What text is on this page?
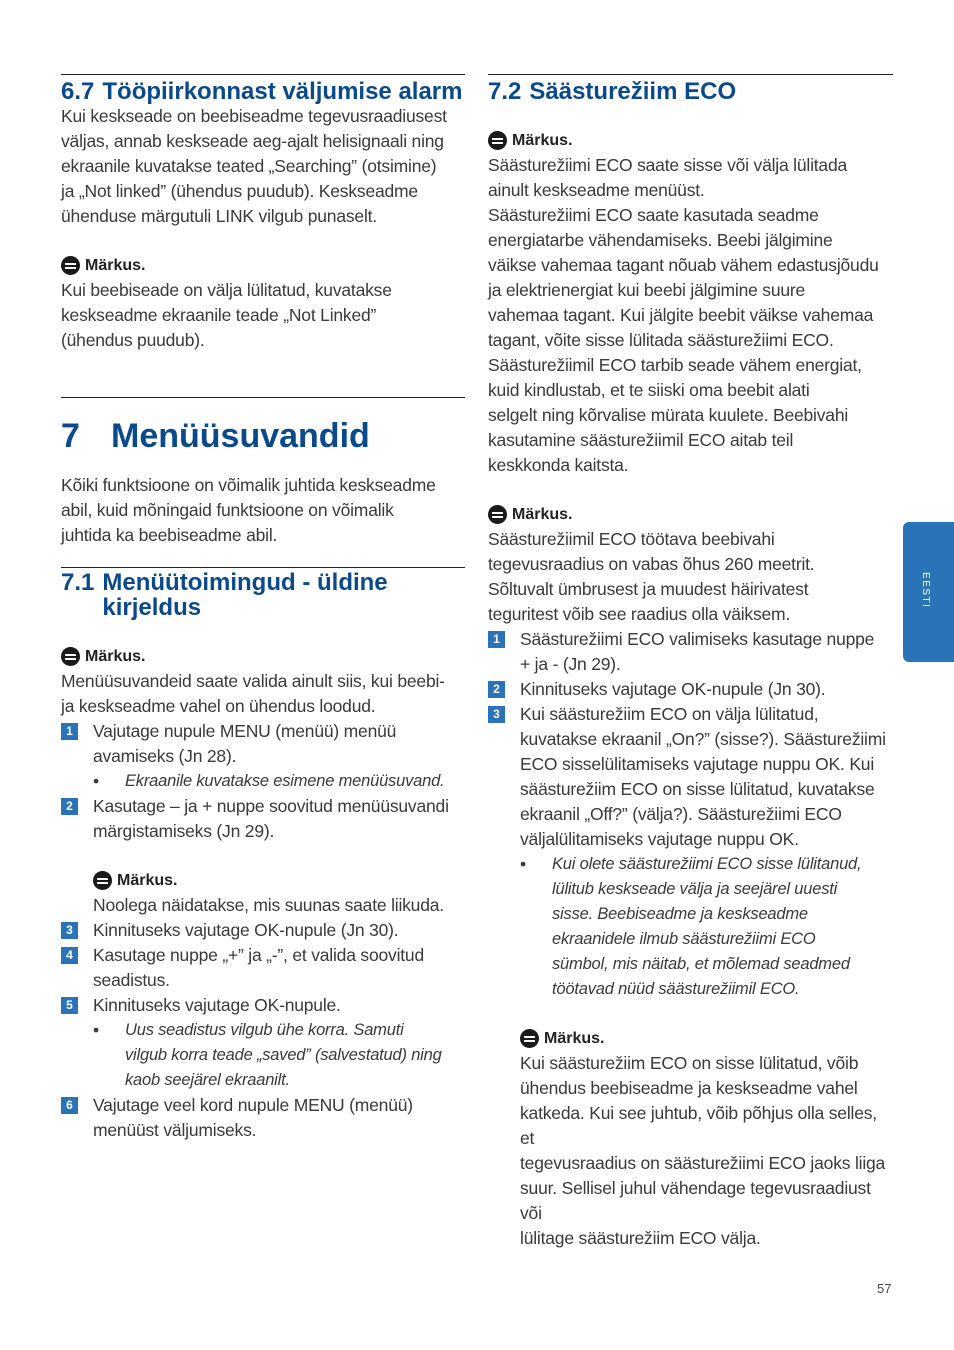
6.7 Tööpiirkonnast väljumise alarm

Kui keskseade on beebiseadme tegevusraadiusest
väljas, annab keskseade aeg-ajalt helisignaali ning
ekraanile kuvatakse teated „Searching” (otsimine)
ja „Not linked” (ühendus puudub). Keskseadme
ühenduse märgutuli LINK vilgub punaselt.

Märkus.

Kui beebiseade on välja lülitatud, kuvatakse
keskseadme ekraanile teade „Not Linked”
(ühendus puudub).

7 Menüüsuvandid

Kõiki funktsioone on võimalik juhtida keskseadme
abil, kuid mõningaid funktsioone on võimalik
juhtida ka beebiseadme abil.

7.1 Menüütoimingud - üldine kirjeldus
Märkus.

Menüüsuvandeid saate valida ainult siis, kui beebi-
ja keskseadme vahel on ühendus loodud.

1 Vajutage nupule MENU (menüü) menüü

avamiseks (Jn 28).

•	Ekraanile kuvatakse esimene menüüsuvand.

2 Kasutage – ja + nuppe soovitud menüüsuvandi

märgistamiseks (Jn 29).

Märkus.

Noolega näidatakse, mis suunas saate liikuda.

3 Kinnituseks vajutage OK-nupule (Jn 30).

4 Kasutage nuppe „+” ja „-”, et valida soovitud

seadistus.

5 Kinnituseks vajutage OK-nupule.

•	Uus seadistus vilgub ühe korra. Samuti

vilgub korra teade „saved” (salvestatud) ning

kaob seejärel ekraanilt.

6 Vajutage veel kord nupule MENU (menüü)

menüüst väljumiseks.

7.2 Säästurežiim ECO
Märkus.

Säästurežiimi ECO saate sisse või välja lülitada
ainult keskseadme menüüst.

Säästurežiimi ECO saate kasutada seadme
energiatarbe vähendamiseks. Beebi jälgimine
väikse vahemaa tagant nõuab vähem edastusjõudu
ja elektrienergiat kui beebi jälgimine suure
vahemaa tagant. Kui jälgite beebit väikse vahemaa
tagant, võite sisse lülitada säästurežiimi ECO.
Säästurežiimil ECO tarbib seade vähem energiat,
kuid kindlustab, et te siiski oma beebit alati
selgelt ning kõrvalise mürata kuulete. Beebivahi
kasutamine säästurežiimil ECO aitab teil
keskkonda kaitsta.

Märkus.

Säästurežiimil ECO töötava beebivahi
tegevusraadius on vabas õhus 260 meetrit.
Sõltuvalt ümbrusest ja muudest häirivatest
teguritest võib see raadius olla väiksem.

1 Säästurežiimi ECO valimiseks kasutage nuppe

+ ja - (Jn 29).

2 Kinnituseks vajutage OK-nupule (Jn 30).

3 Kui säästurežiim ECO on välja lülitatud,

kuvatakse ekraanil „On?” (sisse?). Säästurežiimi

ECO sisselülitamiseks vajutage nuppu OK. Kui

säästurežiim ECO on sisse lülitatud, kuvatakse

ekraanil „Off?” (välja?). Säästurežiimi ECO

väljalülitamiseks vajutage nuppu OK.

•	Kui olete säästurežiimi ECO sisse lülitanud,

lülitub keskseade välja ja seejärel uuesti

sisse. Beebiseadme ja keskseadme

ekraanidele ilmub säästurežiimi ECO

sümbol, mis näitab, et mõlemad seadmed

töötavad nüüd säästurežiimil ECO.

Märkus.

Kui säästurežiim ECO on sisse lülitatud, võib
ühendus beebiseadme ja keskseadme vahel
katkeda. Kui see juhtub, võib põhjus olla selles, et
tegevusraadius on säästurežiimi ECO jaoks liiga
suur. Sellisel juhul vähendage tegevusraadiust või
lülitage säästurežiim ECO välja.

EESTI
57
